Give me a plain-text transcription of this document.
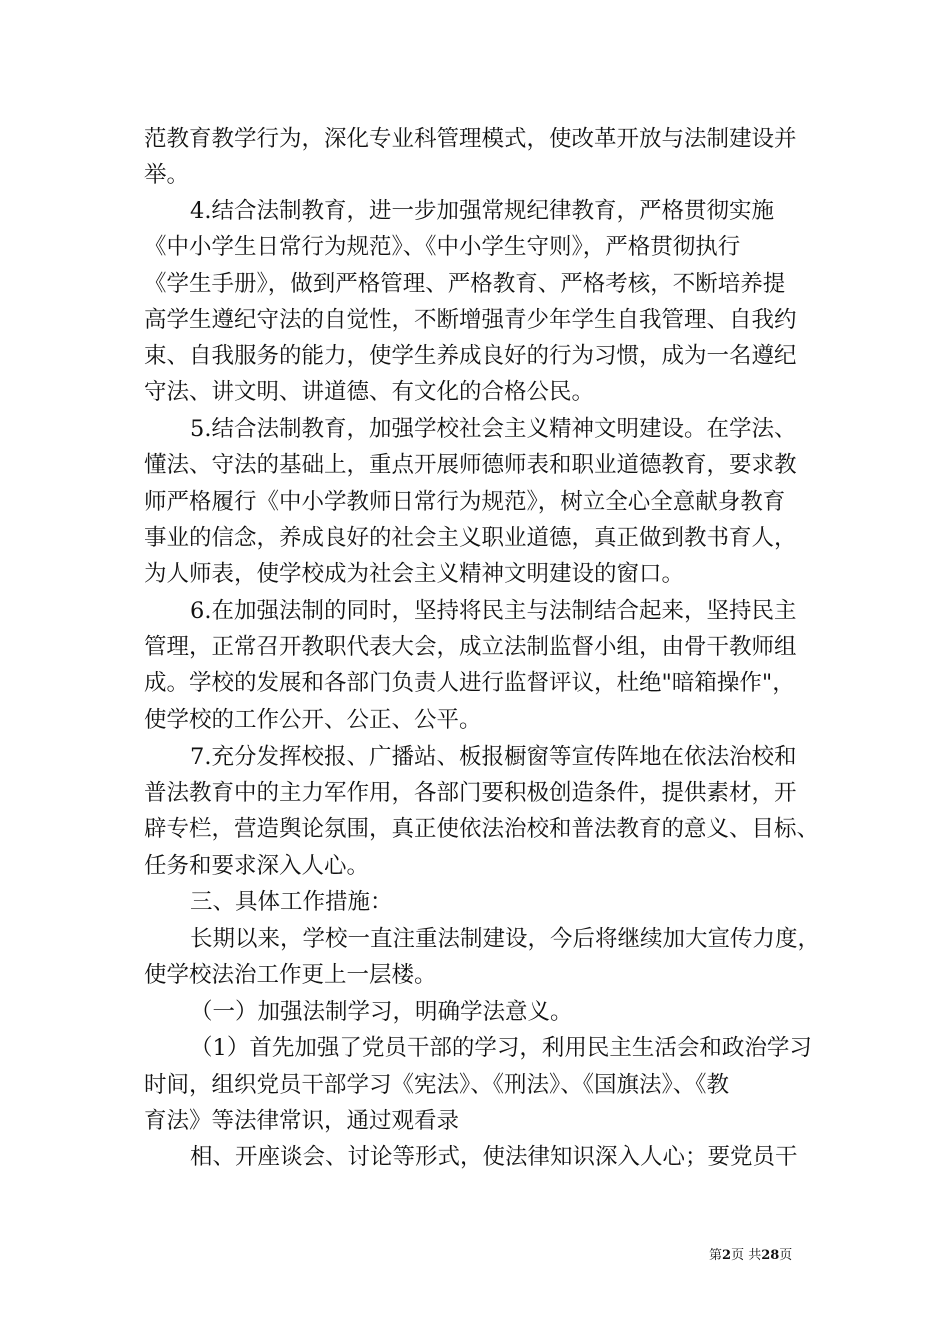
范教育教学行为，深化专业科管理模式，使改革开放与法制建设并
举。
4.结合法制教育，进一步加强常规纪律教育，严格贯彻实施
《中小学生日常行为规范》、《中小学生守则》，严格贯彻执行
《学生手册》，做到严格管理、严格教育、严格考核，不断培养提
高学生遵纪守法的自觉性，不断增强青少年学生自我管理、自我约
束、自我服务的能力，使学生养成良好的行为习惯，成为一名遵纪
守法、讲文明、讲道德、有文化的合格公民。
5.结合法制教育，加强学校社会主义精神文明建设。在学法、
懂法、守法的基础上，重点开展师德师表和职业道德教育，要求教
师严格履行《中小学教师日常行为规范》，树立全心全意献身教育
事业的信念，养成良好的社会主义职业道德，真正做到教书育人，
为人师表，使学校成为社会主义精神文明建设的窗口。
6.在加强法制的同时，坚持将民主与法制结合起来，坚持民主
管理，正常召开教职代表大会，成立法制监督小组，由骨干教师组
成。学校的发展和各部门负责人进行监督评议，杜绝"暗箱操作"，
使学校的工作公开、公正、公平。
7.充分发挥校报、广播站、板报橱窗等宣传阵地在依法治校和
普法教育中的主力军作用，各部门要积极创造条件，提供素材，开
辟专栏，营造舆论氛围，真正使依法治校和普法教育的意义、目标、
任务和要求深入人心。
三、具体工作措施：
长期以来，学校一直注重法制建设，今后将继续加大宣传力度，
使学校法治工作更上一层楼。
（一）加强法制学习，明确学法意义。
（1）首先加强了党员干部的学习，利用民主生活会和政治学习
时间，组织党员干部学习《宪法》、《刑法》、《国旗法》、《教
育法》等法律常识，通过观看录
相、开座谈会、讨论等形式，使法律知识深入人心；要党员干
第2页 共28页
